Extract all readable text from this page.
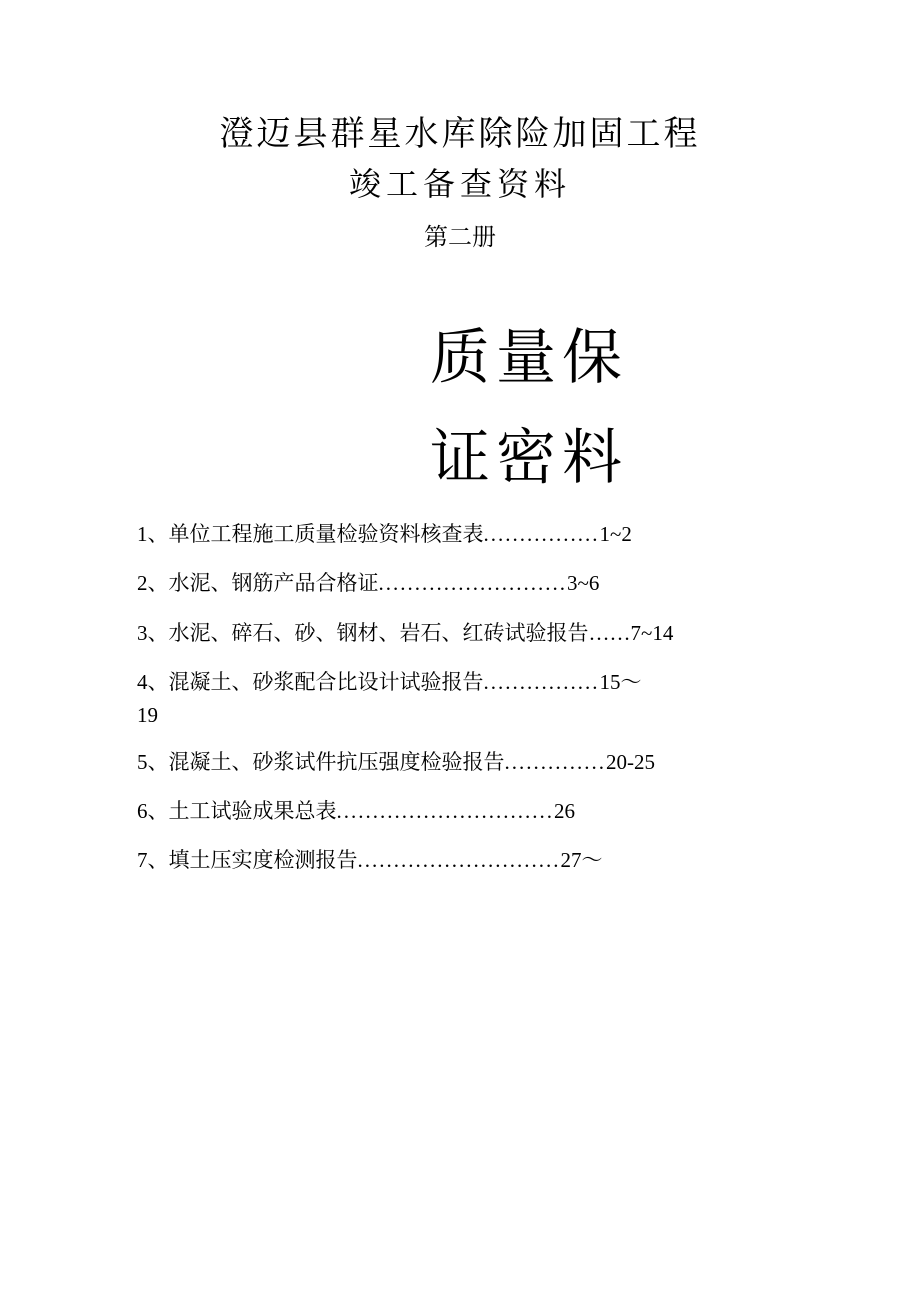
澄迈县群星水库除险加固工程
竣工备查资料
第二册
质量保
证密料
1、单位工程施工质量检验资料核查表................1~2
2、水泥、钢筋产品合格证..........................3~6
3、水泥、碎石、砂、钢材、岩石、红砖试验报告……7~14
4、混凝土、砂浆配合比设计试验报告................15～
19
5、混凝土、砂浆试件抗压强度检验报告..............20-25
6、土工试验成果总表..............................26
7、填土压实度检测报告............................27～
